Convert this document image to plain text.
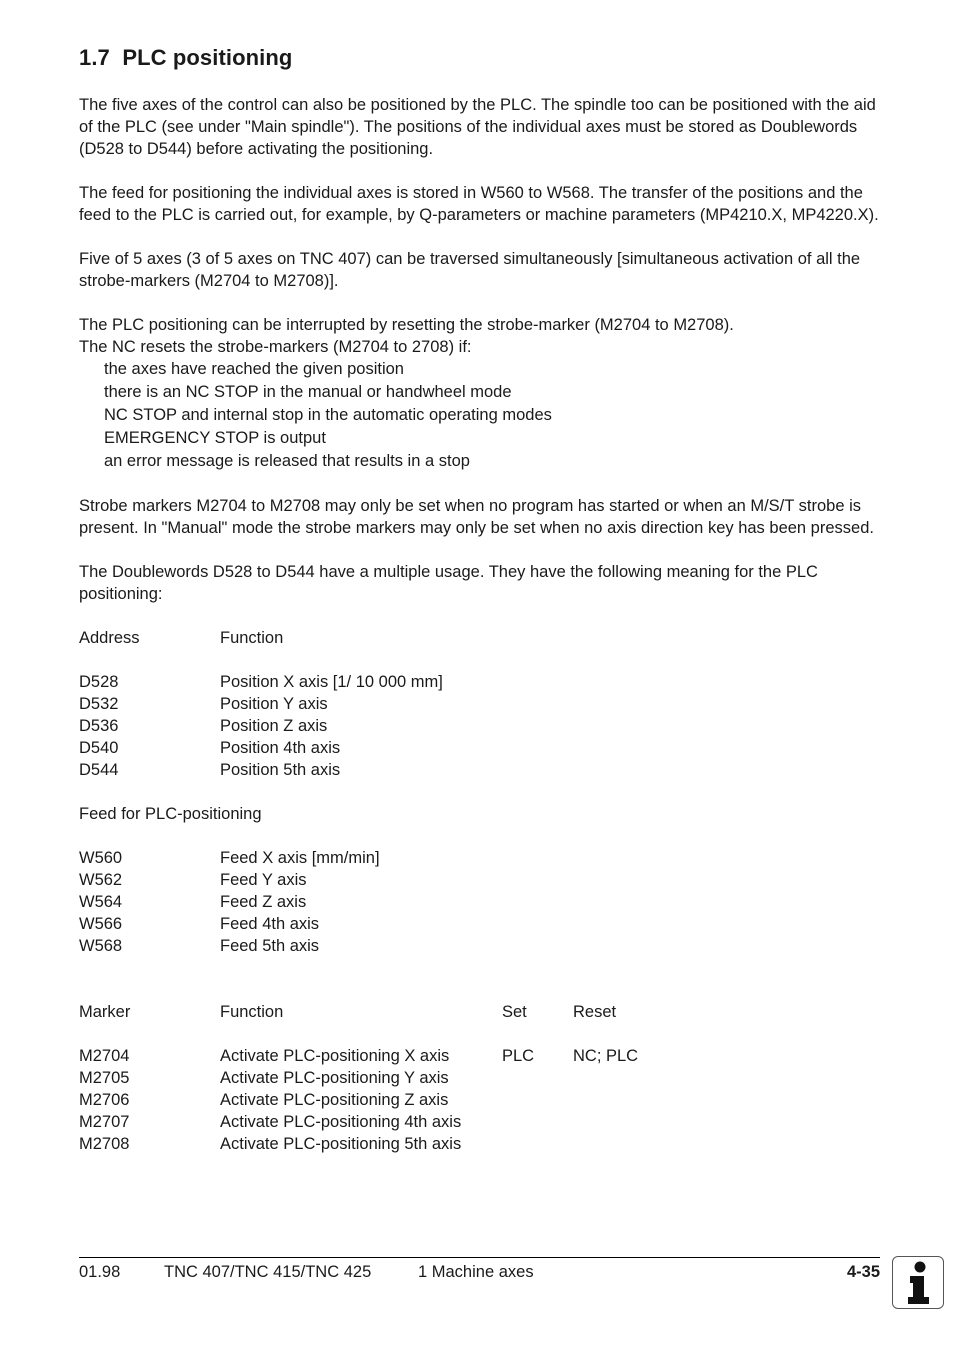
1.7 PLC positioning

The five axes of the control can also be positioned by the PLC. The spindle too can be positioned with the aid of the PLC (see under "Main spindle"). The positions of the individual axes must be stored as Doublewords (D528 to D544) before activating the positioning.

The feed for positioning the individual axes is stored in W560 to W568. The transfer of the positions and the feed to the PLC is carried out, for example, by Q-parameters or machine parameters (MP4210.X, MP4220.X).

Five of 5 axes (3 of 5 axes on TNC 407) can be traversed simultaneously [simultaneous activation of all the strobe-markers (M2704 to M2708)].

The PLC positioning can be interrupted by resetting the strobe-marker (M2704 to M2708).

The NC resets the strobe-markers (M2704 to 2708) if:

the axes have reached the given position
there is an NC STOP in the manual or handwheel mode
NC STOP and internal stop in the automatic operating modes
EMERGENCY STOP is output
an error message is released that results in a stop

Strobe markers M2704 to M2708 may only be set when no program has started or when an M/S/T strobe is present. In "Manual" mode the strobe markers may only be set when no axis direction key has been pressed.

The Doublewords D528 to D544 have a multiple usage. They have the following meaning for the PLC positioning:

Address	Function
D528	Position X axis [1/ 10 000 mm]
D532	Position Y axis
D536	Position Z axis
D540	Position 4th axis
D544	Position 5th axis
Feed for PLC-positioning
W560	Feed X axis [mm/min]
W562	Feed Y axis
W564	Feed Z axis
W566	Feed 4th axis
W568	Feed 5th axis
Marker	Function	Set	Reset
M2704	Activate PLC-positioning X axis	PLC	NC; PLC
M2705	Activate PLC-positioning Y axis
M2706	Activate PLC-positioning Z axis
M2707	Activate PLC-positioning 4th axis
M2708	Activate PLC-positioning 5th axis
01.98	TNC 407/TNC 415/TNC 425	1 Machine axes	4-35
